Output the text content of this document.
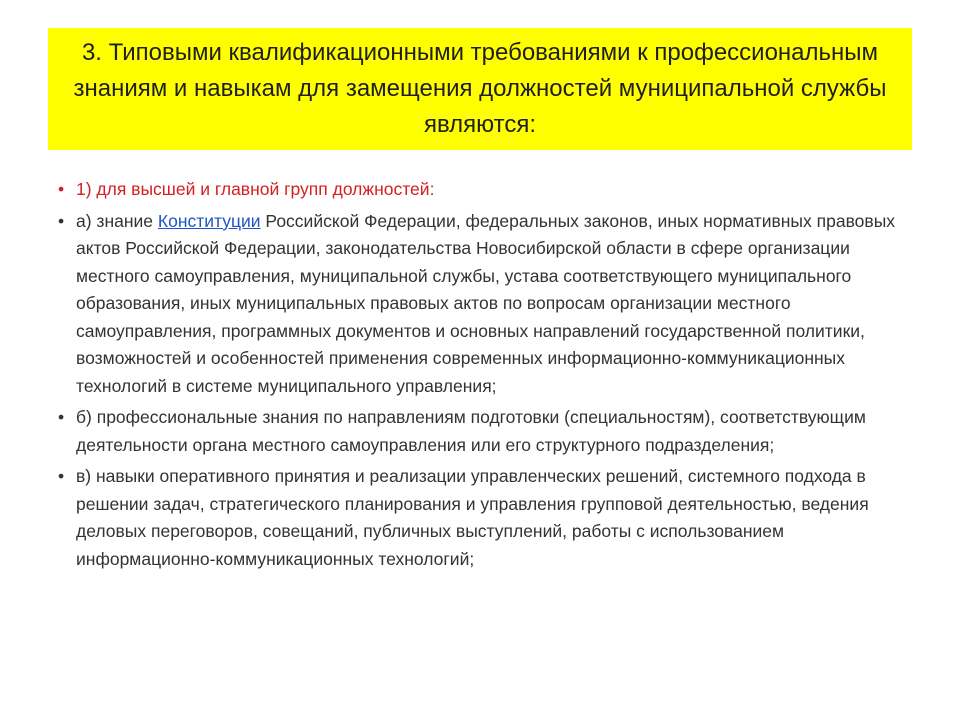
3. Типовыми квалификационными требованиями к профессиональным знаниям и навыкам для замещения должностей муниципальной службы являются:
• 1) для высшей и главной групп должностей:
• а) знание Конституции Российской Федерации, федеральных законов, иных нормативных правовых актов Российской Федерации, законодательства Новосибирской области в сфере организации местного самоуправления, муниципальной службы, устава соответствующего муниципального образования, иных муниципальных правовых актов по вопросам организации местного самоуправления, программных документов и основных направлений государственной политики, возможностей и особенностей применения современных информационно-коммуникационных технологий в системе муниципального управления;
• б) профессиональные знания по направлениям подготовки (специальностям), соответствующим деятельности органа местного самоуправления или его структурного подразделения;
• в) навыки оперативного принятия и реализации управленческих решений, системного подхода в решении задач, стратегического планирования и управления групповой деятельностью, ведения деловых переговоров, совещаний, публичных выступлений, работы с использованием информационно-коммуникационных технологий;
